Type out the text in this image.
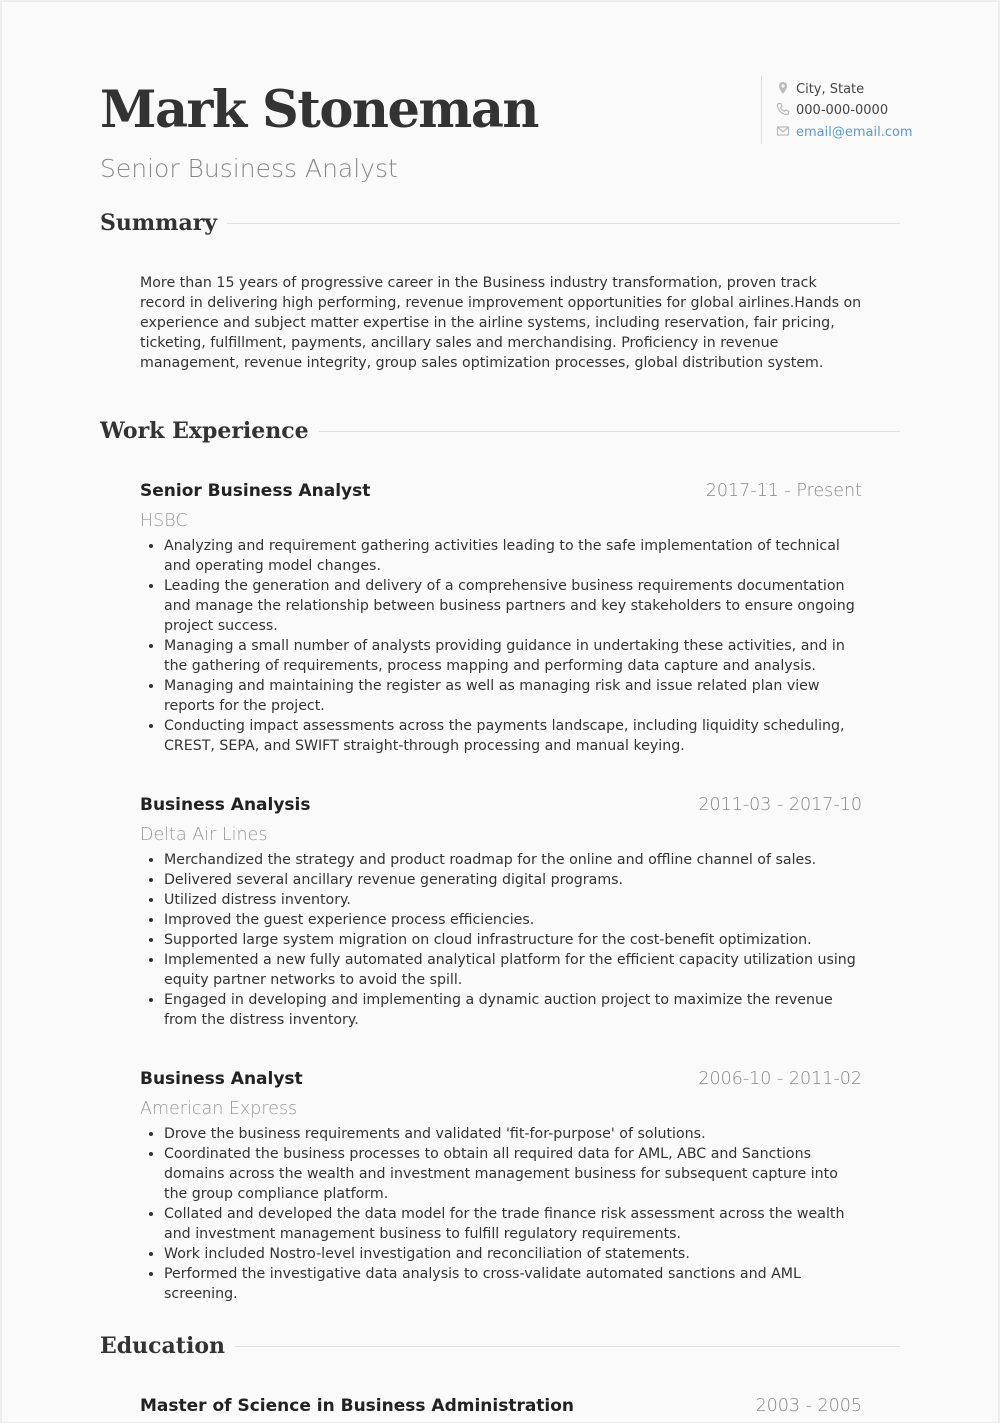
Mark Stoneman
Senior Business Analyst
City, State
000-000-0000
email@email.com
Summary

More than 15 years of progressive career in the Business industry transformation, proven track record in delivering high performing, revenue improvement opportunities for global airlines.Hands on experience and subject matter expertise in the airline systems, including reservation, fair pricing, ticketing, fulfillment, payments, ancillary sales and merchandising. Proficiency in revenue management, revenue integrity, group sales optimization processes, global distribution system.

Work Experience
Senior Business Analyst	2017-11 - Present
HSBC
• Analyzing and requirement gathering activities leading to the safe implementation of technical and operating model changes.
• Leading the generation and delivery of a comprehensive business requirements documentation and manage the relationship between business partners and key stakeholders to ensure ongoing project success.
• Managing a small number of analysts providing guidance in undertaking these activities, and in the gathering of requirements, process mapping and performing data capture and analysis.
• Managing and maintaining the register as well as managing risk and issue related plan view reports for the project.
• Conducting impact assessments across the payments landscape, including liquidity scheduling, CREST, SEPA, and SWIFT straight-through processing and manual keying.
Business Analysis	2011-03 - 2017-10
Delta Air Lines
• Merchandized the strategy and product roadmap for the online and offline channel of sales.
• Delivered several ancillary revenue generating digital programs.
• Utilized distress inventory.
• Improved the guest experience process efficiencies.
• Supported large system migration on cloud infrastructure for the cost-benefit optimization.
• Implemented a new fully automated analytical platform for the efficient capacity utilization using equity partner networks to avoid the spill.
• Engaged in developing and implementing a dynamic auction project to maximize the revenue from the distress inventory.
Business Analyst	2006-10 - 2011-02
American Express
• Drove the business requirements and validated 'fit-for-purpose' of solutions.
• Coordinated the business processes to obtain all required data for AML, ABC and Sanctions domains across the wealth and investment management business for subsequent capture into the group compliance platform.
• Collated and developed the data model for the trade finance risk assessment across the wealth and investment management business to fulfill regulatory requirements.
• Work included Nostro-level investigation and reconciliation of statements.
• Performed the investigative data analysis to cross-validate automated sanctions and AML screening.
Education
Master of Science in Business Administration	2003 - 2005
